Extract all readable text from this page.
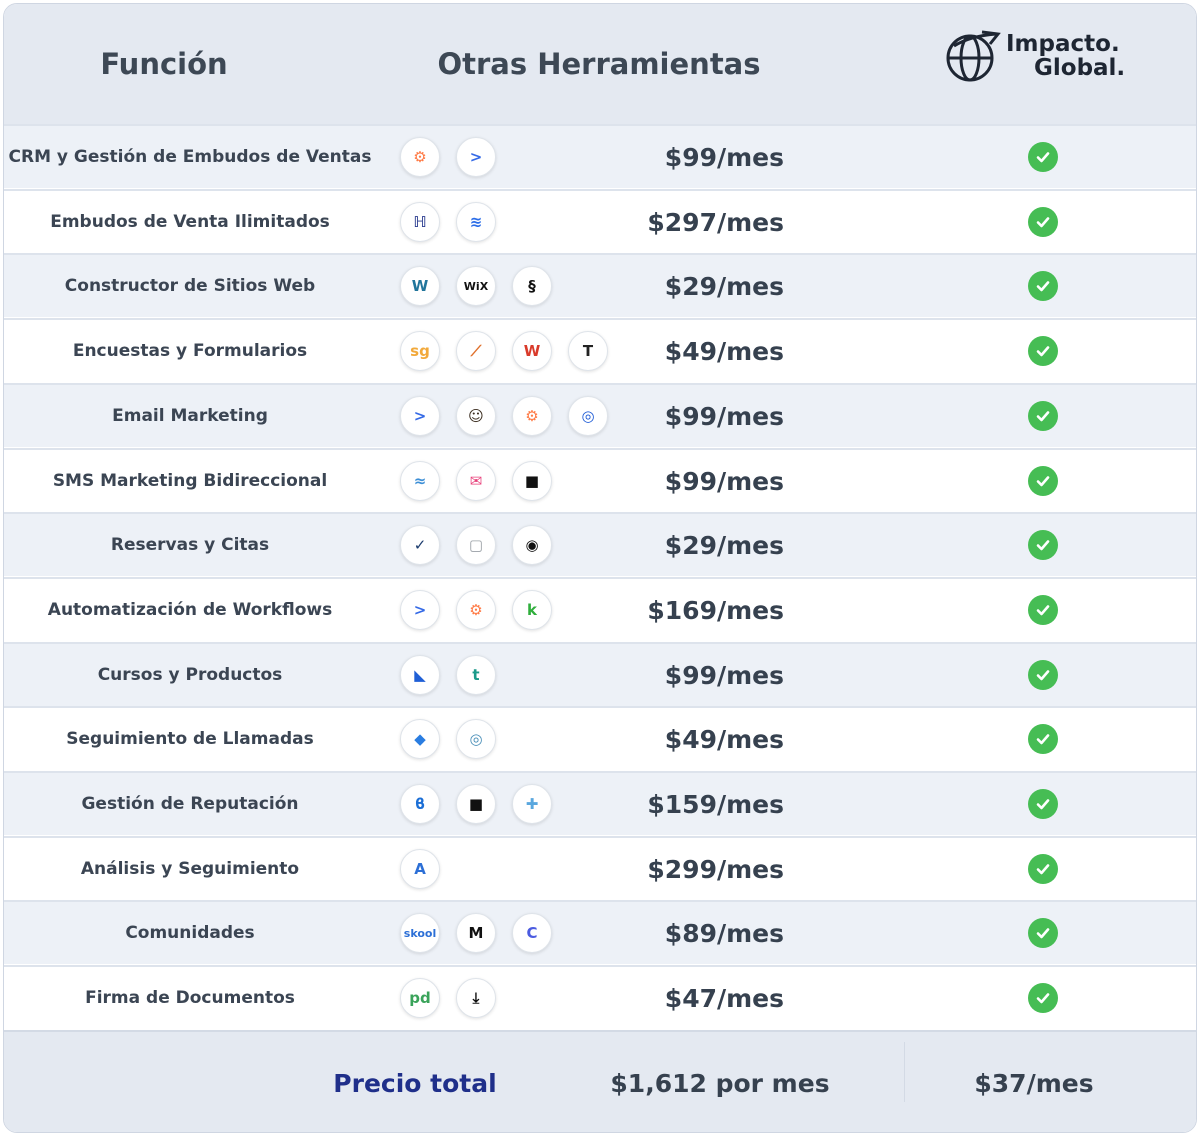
Función	Otras Herramientas
Impacto.
Global.
CRM y Gestión de Embudos de Ventas	⚙	>	$99/mes
Embudos de Venta Ilimitados	ℍ	≋	$297/mes
Constructor de Sitios Web	W	WiX	§	$29/mes
Encuestas y Formularios	sg	⟋	W	T	$49/mes
Email Marketing	>	☺	⚙	◎	$99/mes
SMS Marketing Bidireccional	≈	✉	■	$99/mes
Reservas y Citas	✓	▢	◉	$29/mes
Automatización de Workflows	>	⚙	k	$169/mes
Cursos y Productos	◣	t	$99/mes
Seguimiento de Llamadas	◆	◎	$49/mes
Gestión de Reputación	ϐ	■	✚	$159/mes
Análisis y Seguimiento	A	$299/mes
Comunidades	skool	M	C	$89/mes
Firma de Documentos	pd	⤓	$47/mes
Precio total	$1,612 por mes	$37/mes
